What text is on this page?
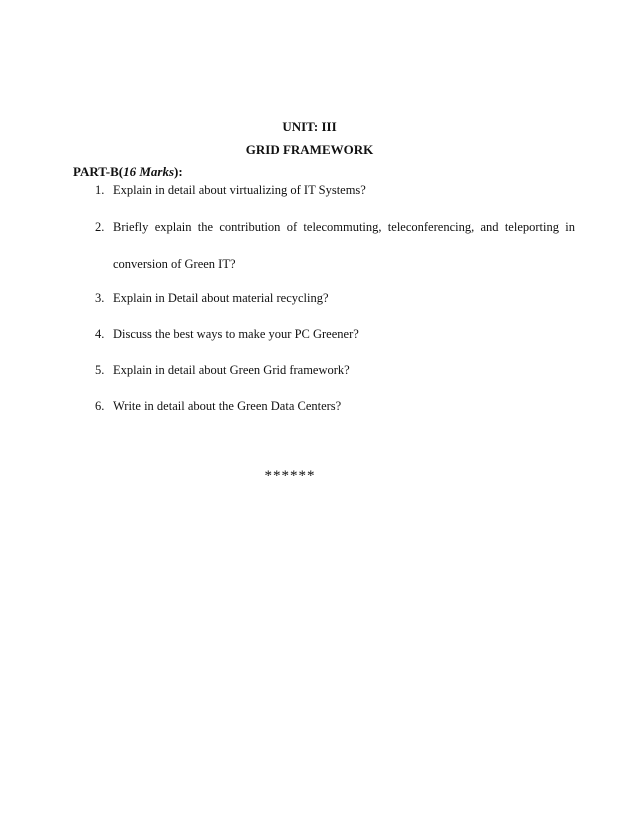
UNIT: III
GRID FRAMEWORK
PART-B(16 Marks):
1. Explain in detail about virtualizing of IT Systems?
2. Briefly explain the contribution of telecommuting, teleconferencing, and teleporting in conversion of Green IT?
3. Explain in Detail about material recycling?
4. Discuss the best ways to make your PC Greener?
5. Explain in detail about Green Grid framework?
6. Write in detail about the Green Data Centers?
******
